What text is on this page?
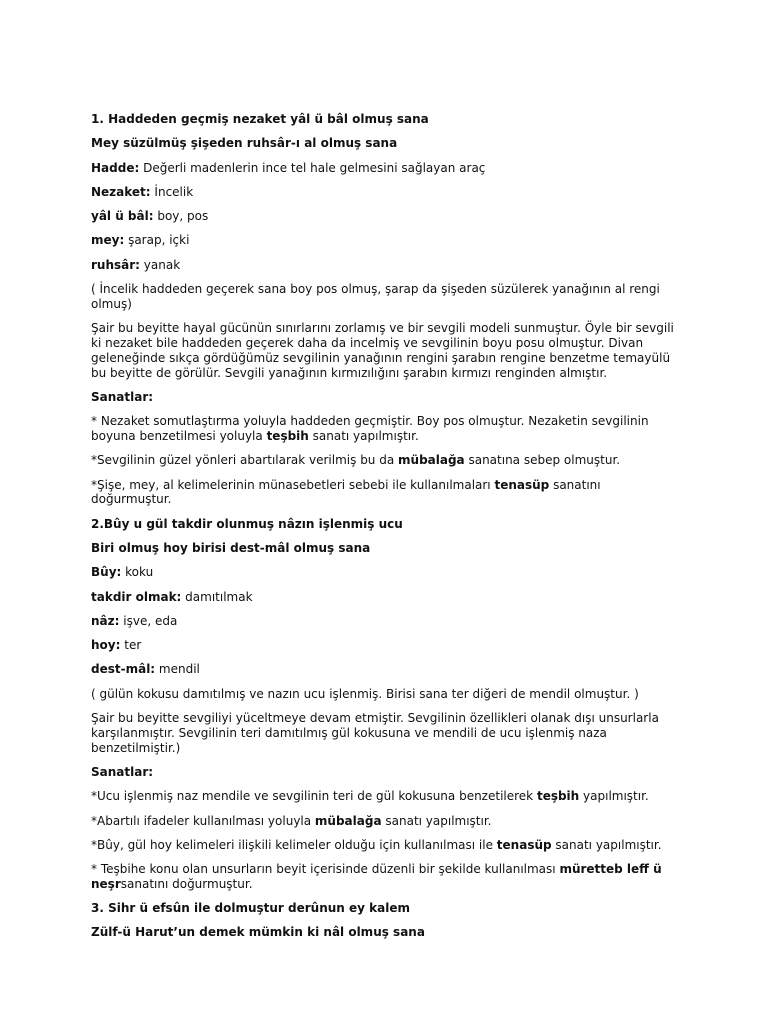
1. Haddeden geçmiş nezaket yâl ü bâl olmuş sana

Mey süzülmüş şişeden ruhsâr-ı al olmuş sana

Hadde: Değerli madenlerin ince tel hale gelmesini sağlayan araç

Nezaket: İncelik

yâl ü bâl: boy, pos

mey: şarap, içki

ruhsâr: yanak

( İncelik haddeden geçerek sana boy pos olmuş, şarap da şişeden süzülerek yanağının al rengi olmuş)

Şair bu beyitte hayal gücünün sınırlarını zorlamış ve bir sevgili modeli sunmuştur. Öyle bir sevgili ki nezaket bile haddeden geçerek daha da incelmiş ve sevgilinin boyu posu olmuştur. Divan geleneğinde sıkça gördüğümüz sevgilinin yanağının rengini şarabın rengine benzetme temayülü bu beyitte de görülür. Sevgili yanağının kırmızılığını şarabın kırmızı renginden almıştır.

Sanatlar:

* Nezaket somutlaştırma yoluyla haddeden geçmiştir. Boy pos olmuştur. Nezaketin sevgilinin boyuna benzetilmesi yoluyla teşbih sanatı yapılmıştır.

*Sevgilinin güzel yönleri abartılarak verilmiş bu da mübalağa sanatına sebep olmuştur.

*Şişe, mey, al kelimelerinin münasebetleri sebebi ile kullanılmaları tenasüp sanatını doğurmuştur.

2.Bûy u gül takdir olunmuş nâzın işlenmiş ucu

Biri olmuş hoy birisi dest-mâl olmuş sana

Bûy: koku

takdir olmak: damıtılmak

nâz: işve, eda

hoy: ter

dest-mâl: mendil

( gülün kokusu damıtılmış ve nazın ucu işlenmiş. Birisi sana ter diğeri de mendil olmuştur. )

Şair bu beyitte sevgiliyi yüceltmeye devam etmiştir. Sevgilinin özellikleri olanak dışı unsurlarla karşılanmıştır. Sevgilinin teri damıtılmış gül kokusuna ve mendili de ucu işlenmiş naza benzetilmiştir.)

Sanatlar:

*Ucu işlenmiş naz mendile ve sevgilinin teri de gül kokusuna benzetilerek teşbih yapılmıştır.

*Abartılı ifadeler kullanılması yoluyla mübalağa sanatı yapılmıştır.

*Bûy, gül hoy kelimeleri ilişkili kelimeler olduğu için kullanılması ile tenasüp sanatı yapılmıştır.

* Teşbihe konu olan unsurların beyit içerisinde düzenli bir şekilde kullanılması müretteb leff ü neşrsanatını doğurmuştur.

3. Sihr ü efsûn ile dolmuştur derûnun ey kalem

Zülf-ü Harut’un demek mümkin ki nâl olmuş sana
